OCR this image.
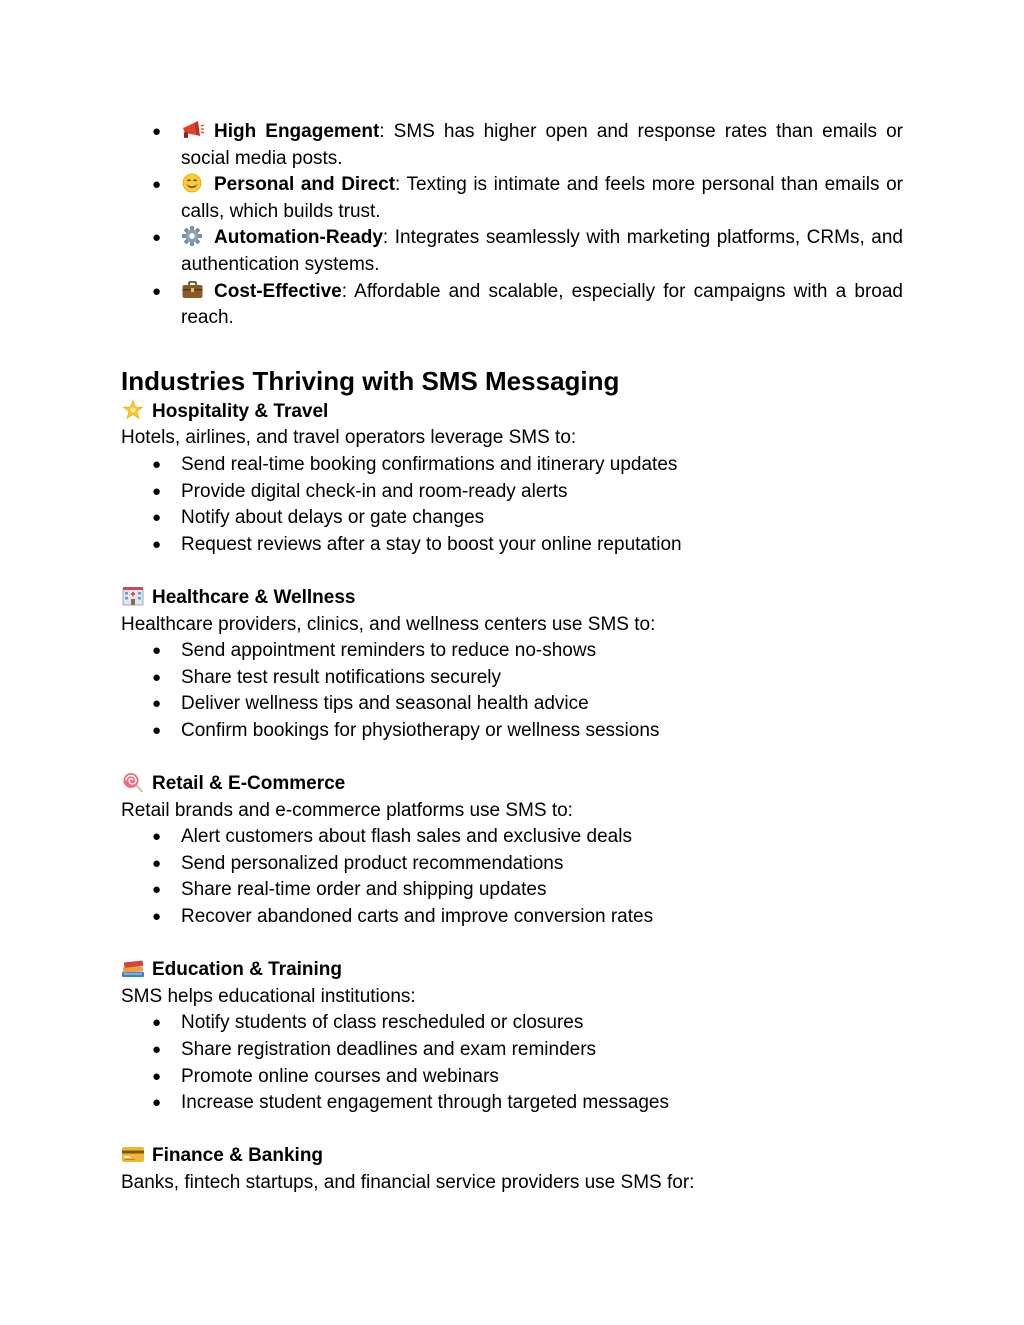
●	High Engagement: SMS has higher open and response rates than emails or social media posts.
●	Personal and Direct: Texting is intimate and feels more personal than emails or calls, which builds trust.
●	Automation-Ready: Integrates seamlessly with marketing platforms, CRMs, and authentication systems.
●	Cost-Effective: Affordable and scalable, especially for campaigns with a broad reach.
Industries Thriving with SMS Messaging

Hospitality & Travel

Hotels, airlines, and travel operators leverage SMS to:

● Send real-time booking confirmations and itinerary updates
● Provide digital check-in and room-ready alerts
● Notify about delays or gate changes
● Request reviews after a stay to boost your online reputation

Healthcare & Wellness

Healthcare providers, clinics, and wellness centers use SMS to:

● Send appointment reminders to reduce no-shows
● Share test result notifications securely
● Deliver wellness tips and seasonal health advice
● Confirm bookings for physiotherapy or wellness sessions

Retail & E-Commerce

Retail brands and e-commerce platforms use SMS to:

● Alert customers about flash sales and exclusive deals
● Send personalized product recommendations
● Share real-time order and shipping updates
● Recover abandoned carts and improve conversion rates

Education & Training

SMS helps educational institutions:

● Notify students of class rescheduled or closures
● Share registration deadlines and exam reminders
● Promote online courses and webinars
● Increase student engagement through targeted messages

Finance & Banking

Banks, fintech startups, and financial service providers use SMS for:
